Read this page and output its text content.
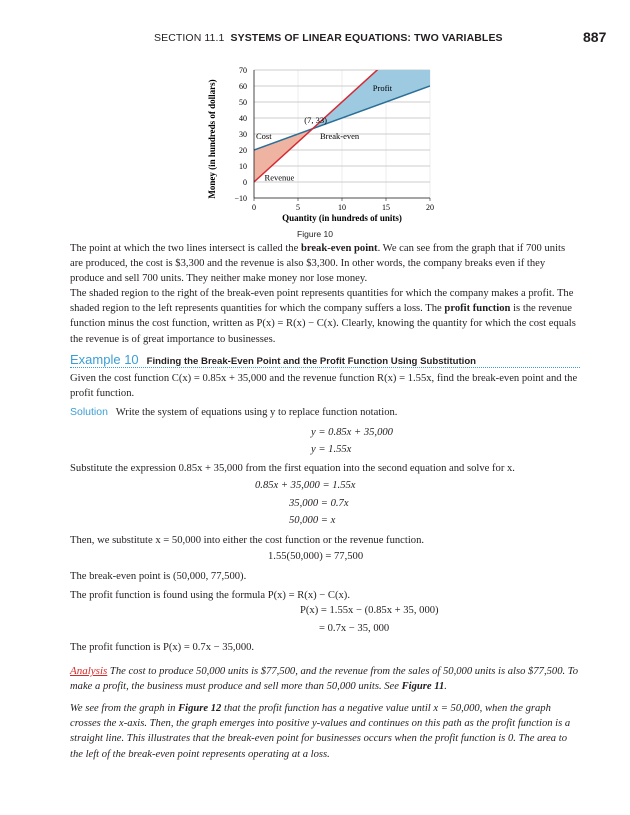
SECTION 11.1 SYSTEMS OF LINEAR EQUATIONS: TWO VARIABLES	887
−10
0
10
20
30
40
50
60
70
0	5	10	15	20
(7, 33)
Profit
Cost	Break-even
Revenue
Quantity (in hundreds of units)
Money (in hundreds of dollars)
Figure 10
The point at which the two lines intersect is called the break-even point. We can see from the graph that if 700 units are produced, the cost is $3,300 and the revenue is also $3,300. In other words, the company breaks even if they produce and sell 700 units. They neither make money nor lose money.
The shaded region to the right of the break-even point represents quantities for which the company makes a profit. The shaded region to the left represents quantities for which the company suffers a loss. The profit function is the revenue function minus the cost function, written as P(x) = R(x) − C(x). Clearly, knowing the quantity for which the cost equals the revenue is of great importance to businesses.
Example 10 Finding the Break-Even Point and the Profit Function Using Substitution
Given the cost function C(x) = 0.85x + 35,000 and the revenue function R(x) = 1.55x, find the break-even point and the profit function.
Solution Write the system of equations using y to replace function notation.
y = 0.85x + 35,000
y = 1.55x
Substitute the expression 0.85x + 35,000 from the first equation into the second equation and solve for x.
0.85x + 35,000 = 1.55x
35,000 = 0.7x
50,000 = x
Then, we substitute x = 50,000 into either the cost function or the revenue function.
1.55(50,000) = 77,500
The break-even point is (50,000, 77,500).
The profit function is found using the formula P(x) = R(x) − C(x).
P(x) = 1.55x − (0.85x + 35, 000)
= 0.7x − 35, 000
The profit function is P(x) = 0.7x − 35,000.
Analysis The cost to produce 50,000 units is $77,500, and the revenue from the sales of 50,000 units is also $77,500. To make a profit, the business must produce and sell more than 50,000 units. See Figure 11.
We see from the graph in Figure 12 that the profit function has a negative value until x = 50,000, when the graph crosses the x-axis. Then, the graph emerges into positive y-values and continues on this path as the profit function is a straight line. This illustrates that the break-even point for businesses occurs when the profit function is 0. The area to the left of the break-even point represents operating at a loss.
